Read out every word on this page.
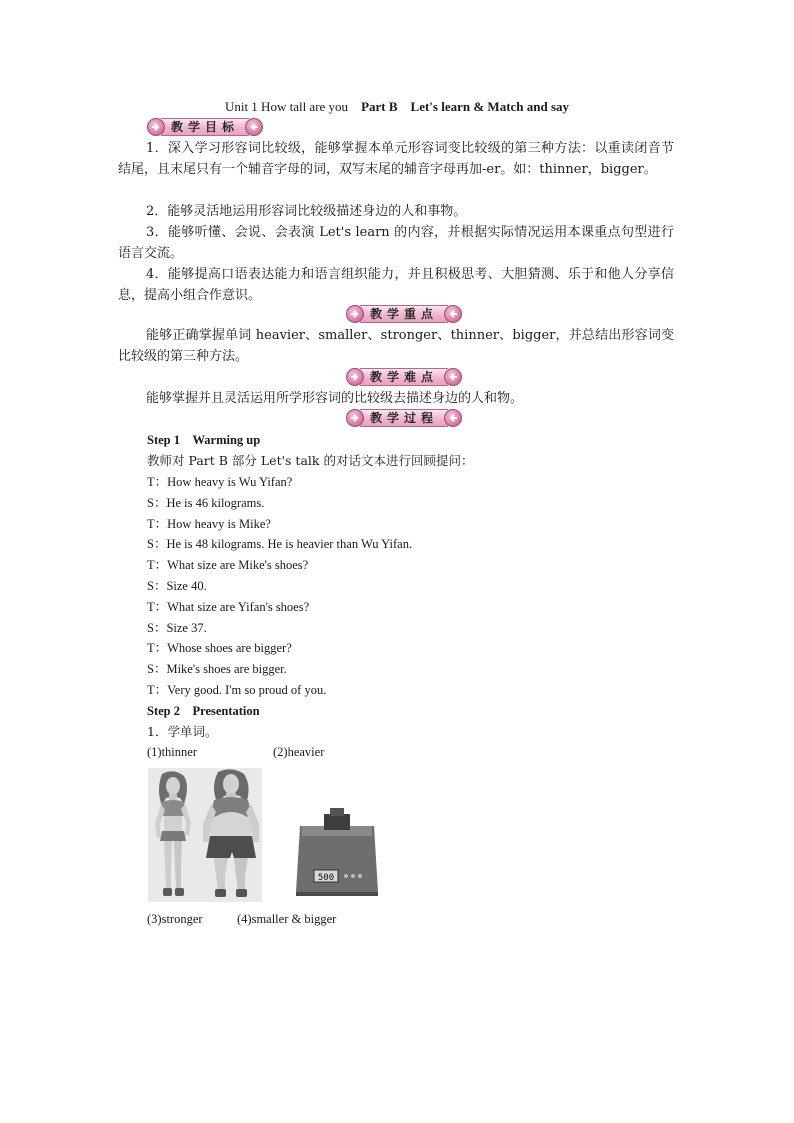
Unit 1 How tall are you Part B Let's learn & Match and say
教学目标
1．深入学习形容词比较级，能够掌握本单元形容词变比较级的第三种方法：以重读闭音节结尾，且末尾只有一个辅音字母的词，双写末尾的辅音字母再加-er。如：thinner，bigger。
2．能够灵活地运用形容词比较级描述身边的人和事物。
3．能够听懂、会说、会表演 Let's learn 的内容，并根据实际情况运用本课重点句型进行语言交流。
4．能够提高口语表达能力和语言组织能力，并且积极思考、大胆猜测、乐于和他人分享信息，提高小组合作意识。
教学重点
能够正确掌握单词 heavier、smaller、stronger、thinner、bigger，并总结出形容词变比较级的第三种方法。
教学难点
能够掌握并且灵活运用所学形容词的比较级去描述身边的人和物。
教学过程
Step 1　Warming up
教师对 Part B 部分 Let's talk 的对话文本进行回顾提问：
T：How heavy is Wu Yifan?
S：He is 46 kilograms.
T：How heavy is Mike?
S：He is 48 kilograms. He is heavier than Wu Yifan.
T：What size are Mike's shoes?
S：Size 40.
T：What size are Yifan's shoes?
S：Size 37.
T：Whose shoes are bigger?
S：Mike's shoes are bigger.
T：Very good. I'm so proud of you.
Step 2　Presentation
1．学单词。
(1)thinner	(2)heavier
500
(3)stronger	(4)smaller & bigger
